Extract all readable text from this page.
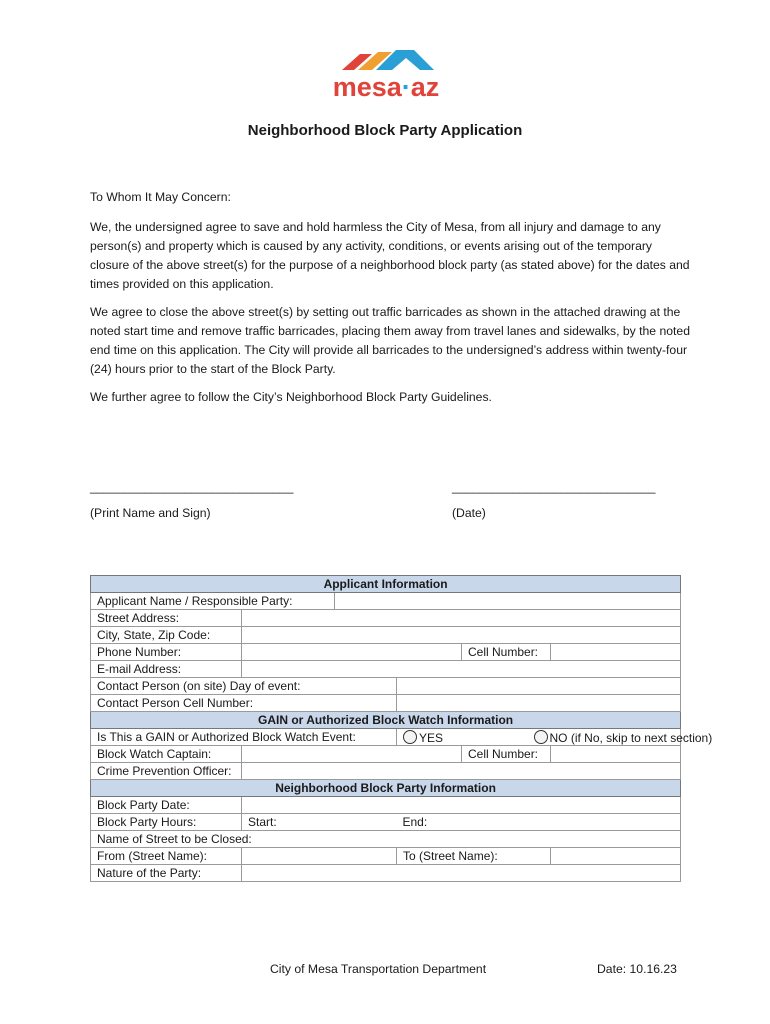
mesa·az
Neighborhood Block Party Application

To Whom It May Concern:

We, the undersigned agree to save and hold harmless the City of Mesa, from all injury and damage to any person(s) and property which is caused by any activity, conditions, or events arising out of the temporary closure of the above street(s) for the purpose of a neighborhood block party (as stated above) for the dates and times provided on this application.

We agree to close the above street(s) by setting out traffic barricades as shown in the attached drawing at the noted start time and remove traffic barricades, placing them away from travel lanes and sidewalks, by the noted end time on this application. The City will provide all barricades to the undersigned’s address within twenty-four (24) hours prior to the start of the Block Party.

We further agree to follow the City’s Neighborhood Block Party Guidelines.

______________________________	______________________________
(Print Name and Sign)	(Date)
Applicant Information						
Applicant Name / Responsible Party:						
Street Address:						
City, State, Zip Code:						
Phone Number:				Cell Number:		
E-mail Address:						
Contact Person (on site) Day of event:						
Contact Person Cell Number:						
GAIN or Authorized Block Watch Information						
Is This a GAIN or Authorized Block Watch Event:			YES		NO (if No, skip to next section)	
Block Watch Captain:				Cell Number:		
Crime Prevention Officer:						
Neighborhood Block Party Information						
Block Party Date:						
Block Party Hours:	Start:		End:			
Name of Street to be Closed:						
From (Street Name):			To (Street Name):			
Nature of the Party:						
City of Mesa Transportation Department	Date: 10.16.23
